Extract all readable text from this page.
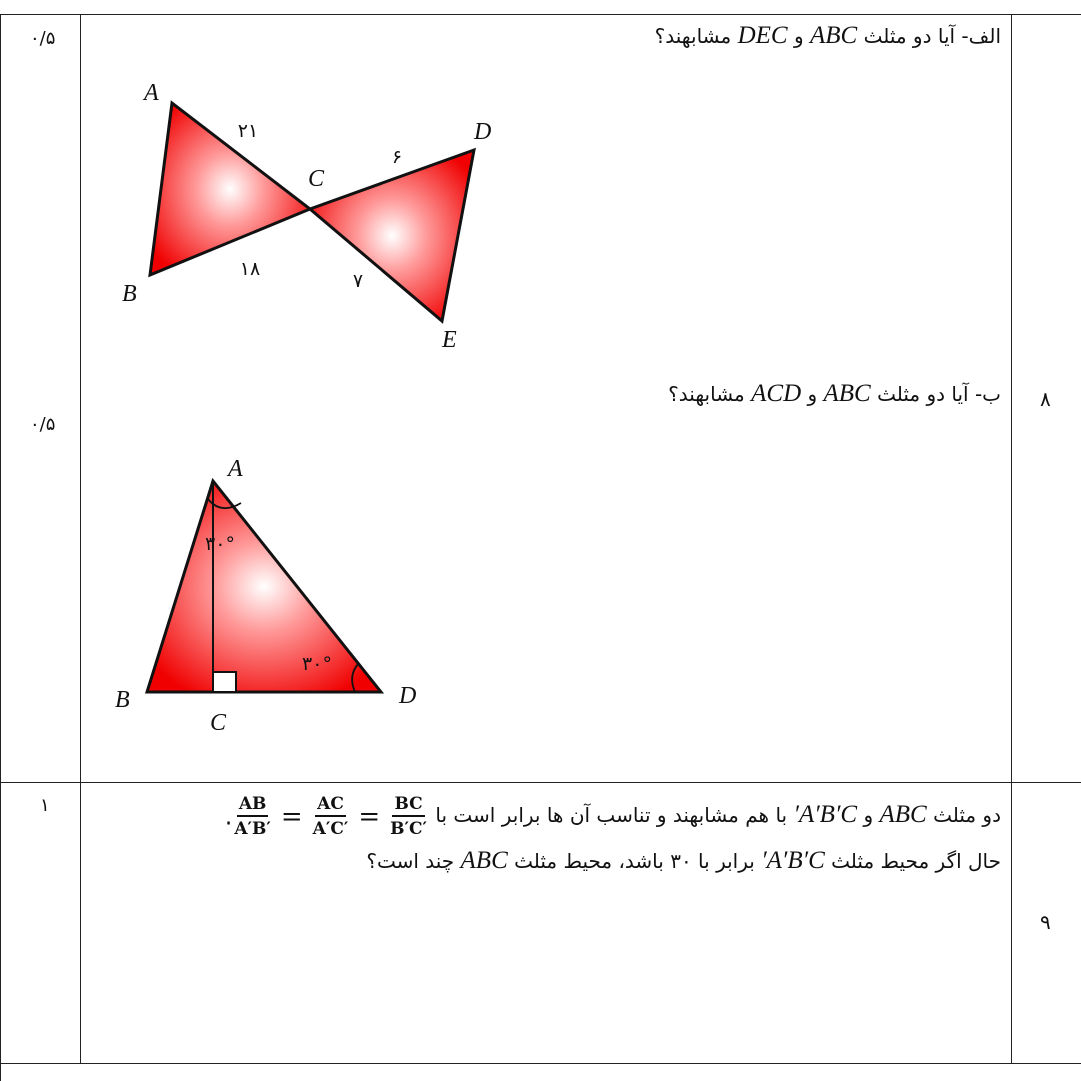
۰/۵
۰/۵
۱
۸
۹
الف- آیا دو مثلث ABC و DEC مشابهند؟
ب- آیا دو مثلث ABC و ACD مشابهند؟
A
B
C
D
E
۲۱
۱۸
۶
۷
A
B
C
D
۳۰°
۳۰°
دو مثلث ABC و A′B′C′ با هم مشابهند و تناسب آن ها برابر است با . $\frac{AB}{A'B'} = \frac{AC}{A'C'} = \frac{BC}{B'C'}$
حال اگر محیط مثلث A′B′C′ برابر با ۳۰ باشد، محیط مثلث ABC چند است؟
